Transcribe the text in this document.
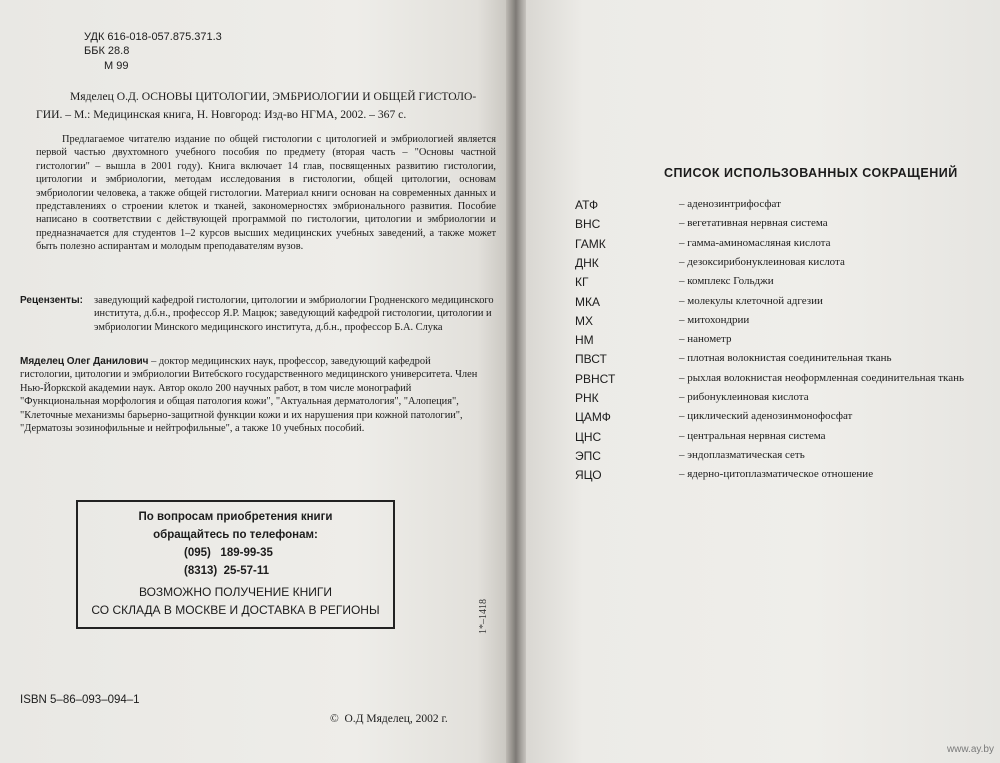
УДК 616-018-057.875.371.3
ББК 28.8
М 99

Мяделец О.Д. ОСНОВЫ ЦИТОЛОГИИ, ЭМБРИОЛОГИИ И ОБЩЕЙ ГИСТОЛО-

ГИИ. – М.: Медицинская книга, Н. Новгород: Изд-во НГМА, 2002. – 367 с.

Предлагаемое читателю издание по общей гистологии с цитологией и эмбриологией является первой частью двухтомного учебного пособия по предмету (вторая часть – "Основы частной гистологии" – вышла в 2001 году). Книга включает 14 глав, посвященных развитию гистологии, цитологии и эмбриологии, методам исследования в гистологии, общей цитологии, основам эмбриологии человека, а также общей гистологии. Материал книги основан на современных данных и представлениях о строении клеток и тканей, закономерностях эмбрионального развития. Пособие написано в соответствии с действующей программой по гистологии, цитологии и эмбриологии и предназначается для студентов 1–2 курсов высших медицинских учебных заведений, а также может быть полезно аспирантам и молодым преподавателям вузов.

Рецензенты:	заведующий кафедрой гистологии, цитологии и эмбриологии Гродненского медицинского института, д.б.н., профессор Я.Р. Мацюк; заведующий кафедрой гистологии, цитологии и эмбриологии Минского медицинского института, д.б.н., профессор Б.А. Слука
Мяделец Олег Данилович – доктор медицинских наук, профессор, заведующий кафедрой гистологии, цитологии и эмбриологии Витебского государственного медицинского университета. Член Нью-Йоркской академии наук. Автор около 200 научных работ, в том числе монографий "Функциональная морфология и общая патология кожи", "Актуальная дерматология", "Алопеция", "Клеточные механизмы барьерно-защитной функции кожи и их нарушения при кожной патологии", "Дерматозы эозинофильные и нейтрофильные", а также 10 учебных пособий.
По вопросам приобретения книги
обращайтесь по телефонам:
(095)   189-99-35
(8313)  25-57-11
ВОЗМОЖНО ПОЛУЧЕНИЕ КНИГИ
СО СКЛАДА В МОСКВЕ И ДОСТАВКА В РЕГИОНЫ
ISBN 5–86–093–094–1
©  О.Д Мяделец, 2002 г.
1*–1418
СПИСОК ИСПОЛЬЗОВАННЫХ СОКРАЩЕНИЙ
АТФ	– аденозинтрифосфат
ВНС	– вегетативная нервная система
ГАМК	– гамма-аминомасляная кислота
ДНК	– дезоксирибонуклеиновая кислота
КГ	– комплекс Гольджи
МКА	– молекулы клеточной адгезии
МХ	– митохондрии
НМ	– нанометр
ПВСТ	– плотная волокнистая соединительная ткань
РВНСТ	– рыхлая волокнистая неоформленная соединительная ткань
РНК	– рибонуклеиновая кислота
ЦАМФ	– циклический аденозинмонофосфат
ЦНС	– центральная нервная система
ЭПС	– эндоплазматическая сеть
ЯЦО	– ядерно-цитоплазматическое отношение
www.ay.by
